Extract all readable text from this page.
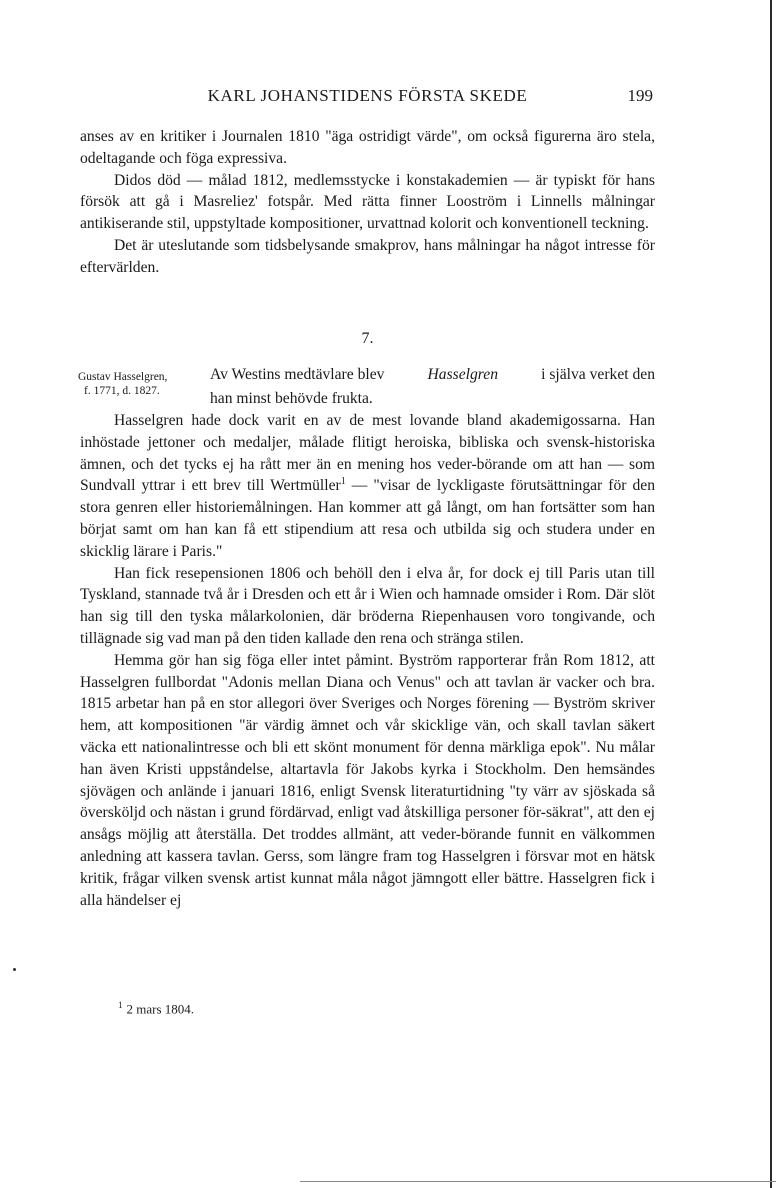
KARL JOHANSTIDENS FÖRSTA SKEDE	199

anses av en kritiker i Journalen 1810 "äga ostridigt värde", om också figurerna äro stela, odeltagande och föga expressiva.

Didos död — målad 1812, medlemsstycke i konstakademien — är typiskt för hans försök att gå i Masreliez' fotspår. Med rätta finner Looström i Linnells målningar antikiserande stil, uppstyltade kompositioner, urvattnad kolorit och konventionell teckning.

Det är uteslutande som tidsbelysande smakprov, hans målningar ha något intresse för eftervärlden.

7.
Gustav Hasselgren,
f. 1771, d. 1827.
Av Westins medtävlare blev	Hasselgren	i själva verket den
han minst behövde frukta.

Hasselgren hade dock varit en av de mest lovande bland akademigossarna. Han inhöstade jettoner och medaljer, målade flitigt heroiska, bibliska och svensk-historiska ämnen, och det tycks ej ha rått mer än en mening hos veder-börande om att han — som Sundvall yttrar i ett brev till Wertmüller$^1$ — "visar de lyckligaste förutsättningar för den stora genren eller historiemålningen. Han kommer att gå långt, om han fortsätter som han börjat samt om han kan få ett stipendium att resa och utbilda sig och studera under en skicklig lärare i Paris."

Han fick resepensionen 1806 och behöll den i elva år, for dock ej till Paris utan till Tyskland, stannade två år i Dresden och ett år i Wien och hamnade omsider i Rom. Där slöt han sig till den tyska målarkolonien, där bröderna Riepenhausen voro tongivande, och tillägnade sig vad man på den tiden kallade den rena och stränga stilen.

Hemma gör han sig föga eller intet påmint. Byström rapporterar från Rom 1812, att Hasselgren fullbordat "Adonis mellan Diana och Venus" och att tavlan är vacker och bra. 1815 arbetar han på en stor allegori över Sveriges och Norges förening — Byström skriver hem, att kompositionen "är värdig ämnet och vår skicklige vän, och skall tavlan säkert väcka ett nationalintresse och bli ett skönt monument för denna märkliga epok". Nu målar han även Kristi uppståndelse, altartavla för Jakobs kyrka i Stockholm. Den hemsändes sjövägen och anlände i januari 1816, enligt Svensk literaturtidning "ty värr av sjöskada så översköljd och nästan i grund fördärvad, enligt vad åtskilliga personer för-säkrat", att den ej ansågs möjlig att återställa. Det troddes allmänt, att veder-börande funnit en välkommen anledning att kassera tavlan. Gerss, som längre fram tog Hasselgren i försvar mot en hätsk kritik, frågar vilken svensk artist kunnat måla något jämngott eller bättre. Hasselgren fick i alla händelser ej

$^1$ 2 mars 1804.
